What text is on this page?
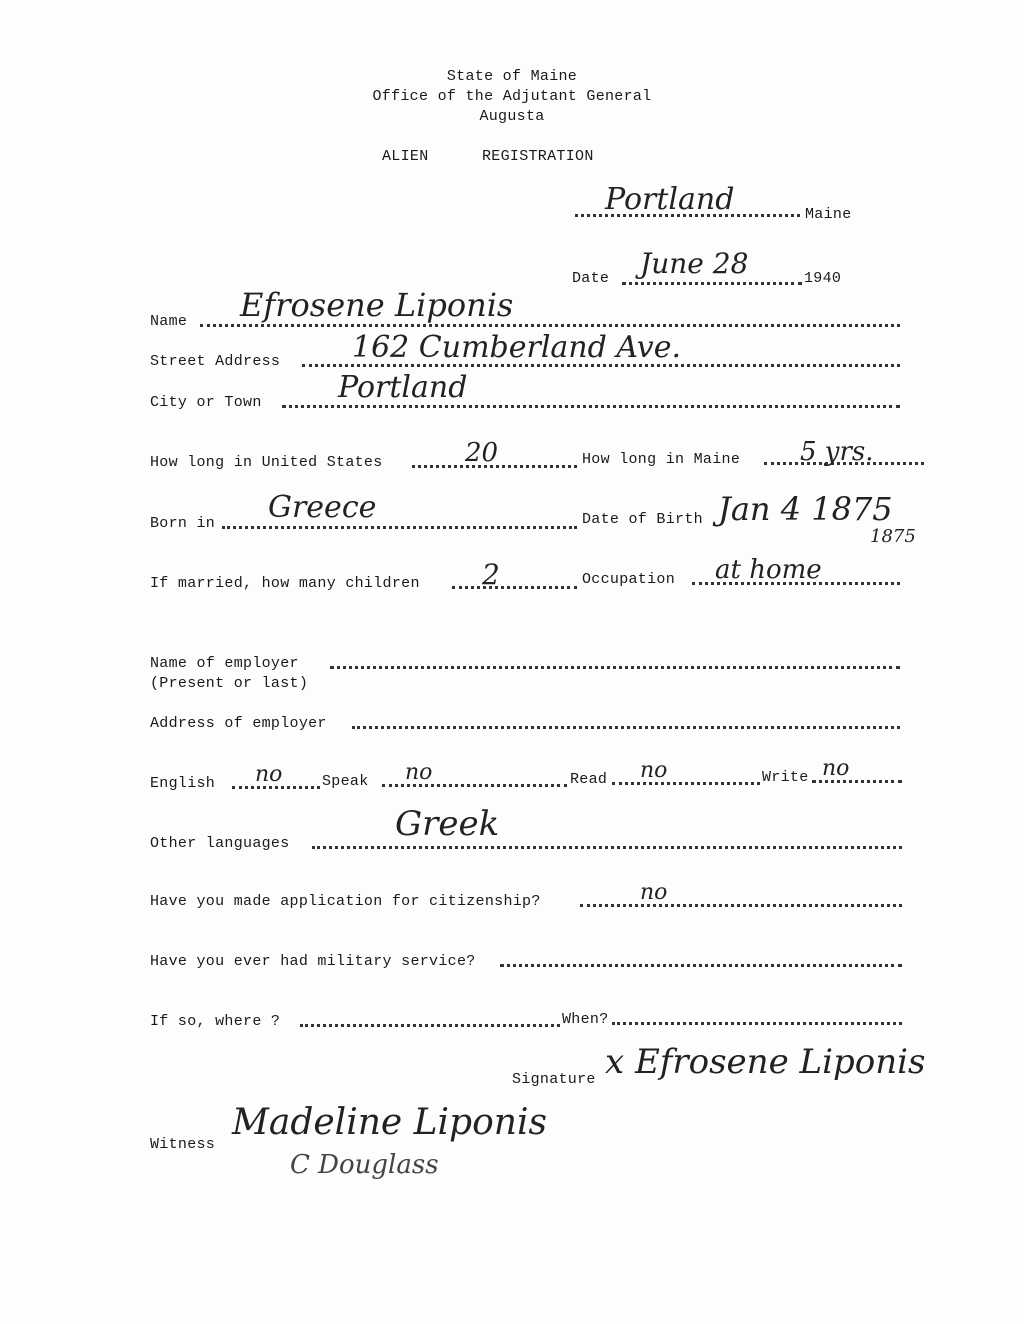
State of Maine
Office of the Adjutant General
Augusta
ALIEN	REGISTRATION
Portland	Maine
Date June 28	1940
Name Efrosene Liponis
Street Address 162 Cumberland Ave.
City or Town	Portland
How long in United States	20	How long in Maine 5 yrs.
Born in Greece	Date of Birth Jan 4 1875
1875
If married, how many children 2	Occupation at home
Name of employer
(Present or last)
Address of employer
English no	Speak no	Read no	Write no
Other languages	Greek
Have you made application for citizenship?	no
Have you ever had military service?
If so, where ?	When?
Signature x Efrosene Liponis
Witness
Madeline Liponis
C Douglass
